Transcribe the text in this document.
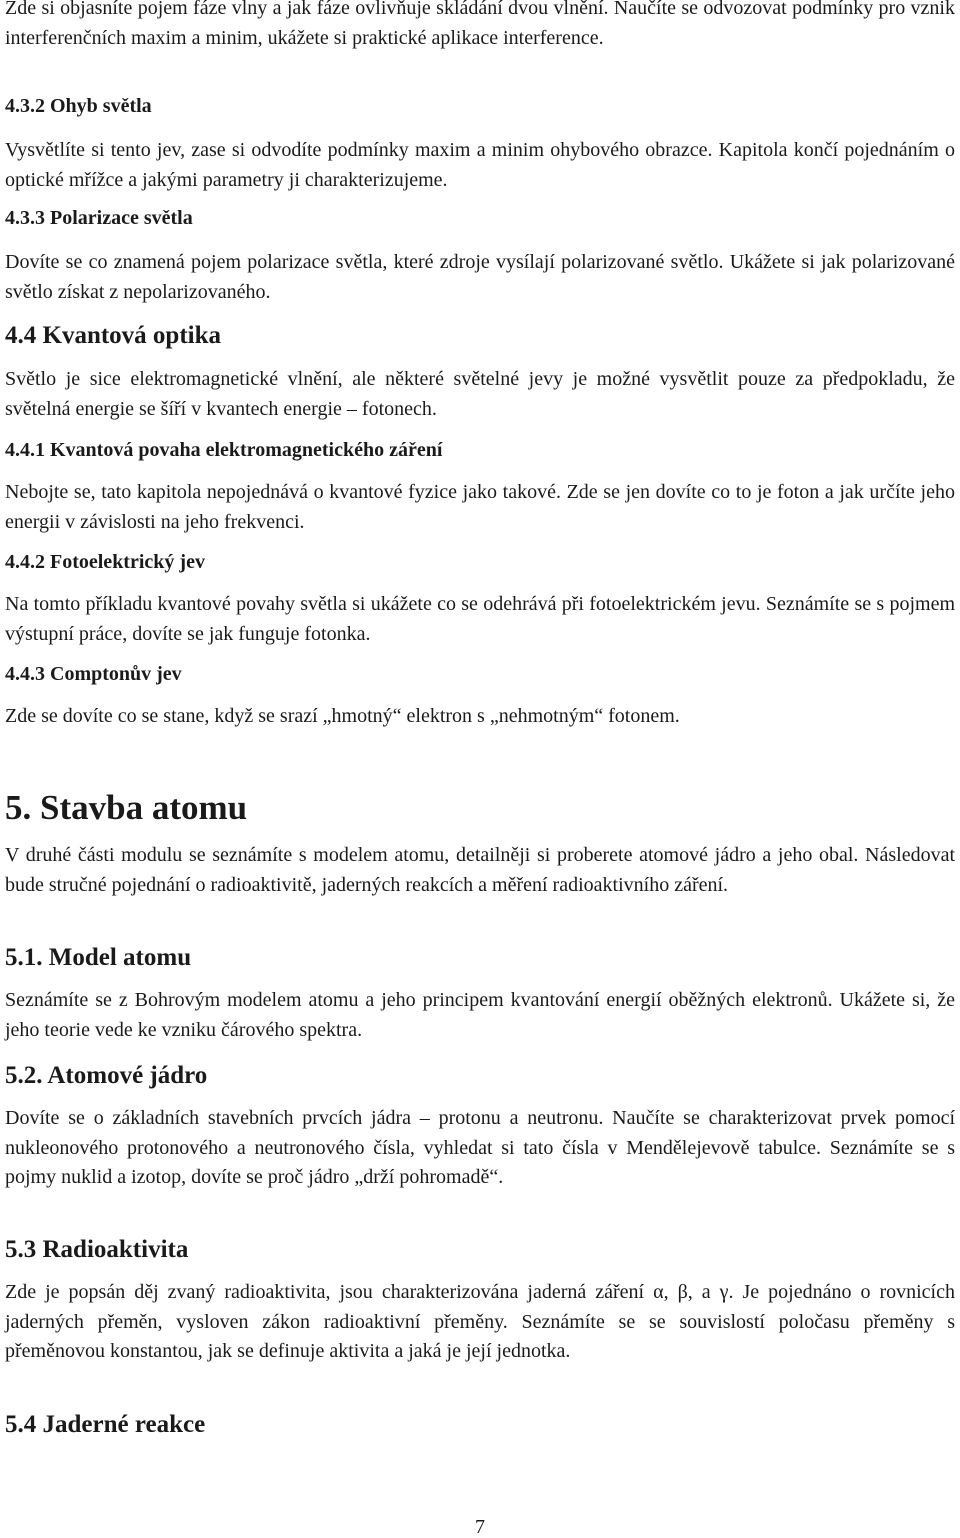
Zde si objasníte pojem fáze vlny a jak fáze ovlivňuje skládání dvou vlnění. Naučíte se odvozovat podmínky pro vznik interferenčních maxim a minim, ukážete si praktické aplikace interference.

4.3.2 Ohyb světla

Vysvětlíte si tento jev, zase si odvodíte podmínky maxim a minim ohybového obrazce. Kapitola končí pojednáním o optické mřížce a jakými parametry ji charakterizujeme.

4.3.3 Polarizace světla

Dovíte se co znamená pojem polarizace světla, které zdroje vysílají polarizované světlo. Ukážete si jak polarizované světlo získat z nepolarizovaného.

4.4 Kvantová optika

Světlo je sice elektromagnetické vlnění, ale některé světelné jevy je možné vysvětlit pouze za předpokladu, že světelná energie se šíří v kvantech energie – fotonech.

4.4.1 Kvantová povaha elektromagnetického záření

Nebojte se, tato kapitola nepojednává o kvantové fyzice jako takové. Zde se jen dovíte co to je foton a jak určíte jeho energii v závislosti na jeho frekvenci.

4.4.2 Fotoelektrický jev

Na tomto příkladu kvantové povahy světla si ukážete co se odehrává při fotoelektrickém jevu. Seznámíte se s pojmem výstupní práce, dovíte se jak funguje fotonka.

4.4.3 Comptonův jev

Zde se dovíte co se stane, když se srazí „hmotný“ elektron s „nehmotným“ fotonem.

5. Stavba atomu

V druhé části modulu se seznámíte s modelem atomu, detailněji si proberete atomové jádro a jeho obal. Následovat bude stručné pojednání o radioaktivitě, jaderných reakcích a měření radioaktivního záření.

5.1. Model atomu

Seznámíte se z Bohrovým modelem atomu a jeho principem kvantování energií oběžných elektronů. Ukážete si, že jeho teorie vede ke vzniku čárového spektra.

5.2. Atomové jádro

Dovíte se o základních stavebních prvcích jádra – protonu a neutronu. Naučíte se charakterizovat prvek pomocí nukleonového protonového a neutronového čísla, vyhledat si tato čísla v Mendělejevově tabulce. Seznámíte se s pojmy nuklid a izotop, dovíte se proč jádro „drží pohromadě“.

5.3 Radioaktivita

Zde je popsán děj zvaný radioaktivita, jsou charakterizována jaderná záření α, β, a γ. Je pojednáno o rovnicích jaderných přeměn, vysloven zákon radioaktivní přeměny. Seznámíte se se souvislostí poločasu přeměny s přeměnovou konstantou, jak se definuje aktivita a jaká je její jednotka.

5.4 Jaderné reakce
7
